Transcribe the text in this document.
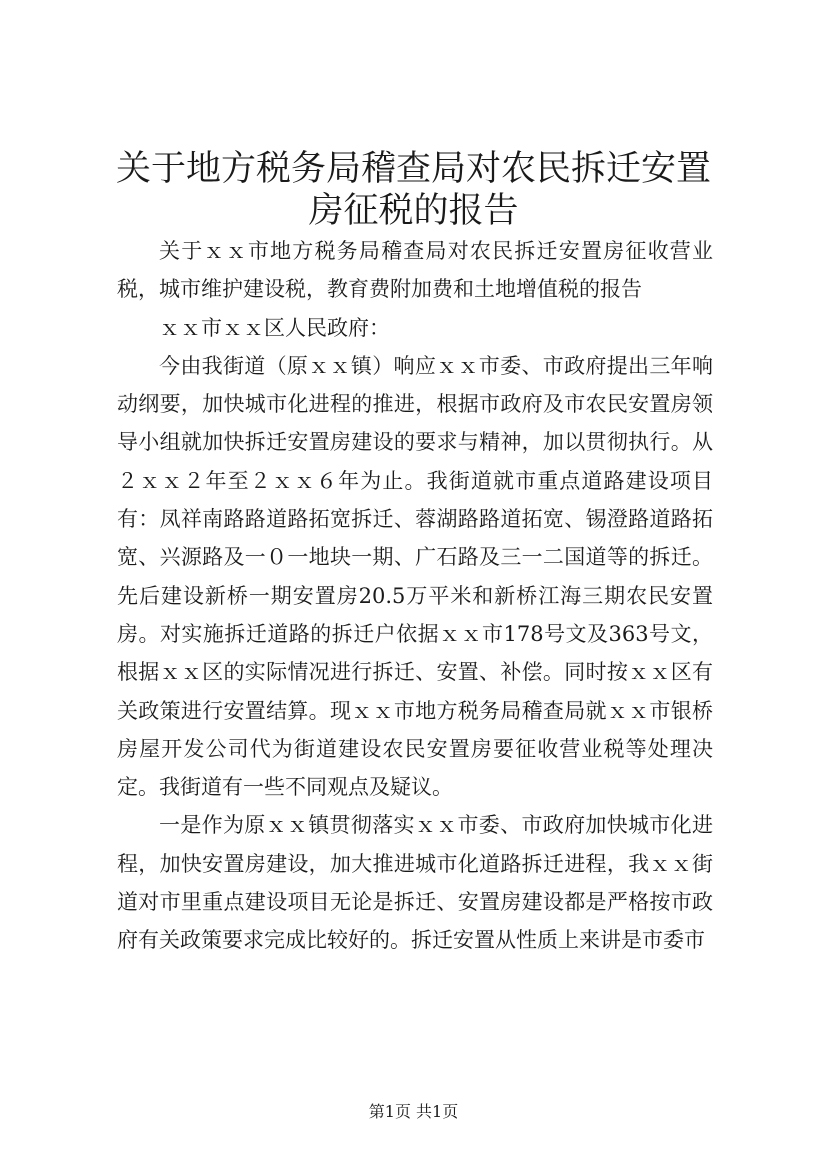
关于地方税务局稽查局对农民拆迁安置房征税的报告

关于ｘｘ市地方税务局稽查局对农民拆迁安置房征收营业税，城市维护建设税，教育费附加费和土地增值税的报告

ｘｘ市ｘｘ区人民政府：

今由我街道（原ｘｘ镇）响应ｘｘ市委、市政府提出三年响动纲要，加快城市化进程的推进，根据市政府及市农民安置房领导小组就加快拆迁安置房建设的要求与精神，加以贯彻执行。从２ｘｘ２年至２ｘｘ６年为止。我街道就市重点道路建设项目有：凤祥南路路道路拓宽拆迁、蓉湖路路道拓宽、锡澄路道路拓宽、兴源路及一０一地块一期、广石路及三一二国道等的拆迁。先后建设新桥一期安置房20.5万平米和新桥江海三期农民安置房。对实施拆迁道路的拆迁户依据ｘｘ市178号文及363号文，根据ｘｘ区的实际情况进行拆迁、安置、补偿。同时按ｘｘ区有关政策进行安置结算。现ｘｘ市地方税务局稽查局就ｘｘ市银桥房屋开发公司代为街道建设农民安置房要征收营业税等处理决定。我街道有一些不同观点及疑议。

一是作为原ｘｘ镇贯彻落实ｘｘ市委、市政府加快城市化进程，加快安置房建设，加大推进城市化道路拆迁进程，我ｘｘ街道对市里重点建设项目无论是拆迁、安置房建设都是严格按市政府有关政策要求完成比较好的。拆迁安置从性质上来讲是市委市

第1页 共1页
